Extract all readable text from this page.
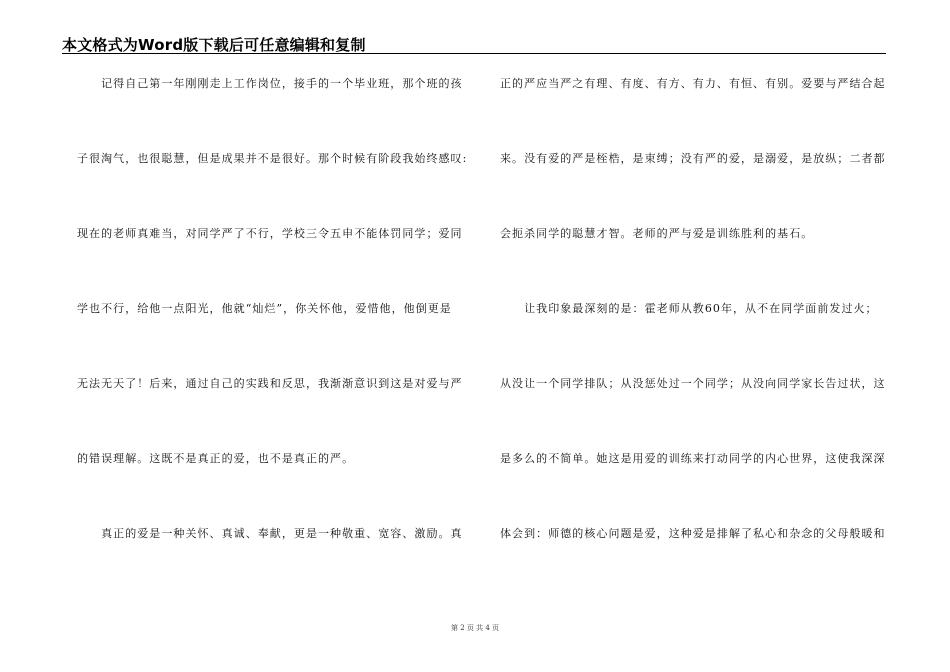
本文格式为Word版下载后可任意编辑和复制
　　记得自己第一年刚刚走上工作岗位，接手的一个毕业班，那个班的孩
子很淘气，也很聪慧，但是成果并不是很好。那个时候有阶段我始终感叹:
现在的老师真难当，对同学严了不行，学校三令五申不能体罚同学；爱同
学也不行，给他一点阳光，他就“灿烂”，你关怀他，爱惜他，他倒更是
无法无天了！后来，通过自己的实践和反思，我渐渐意识到这是对爱与严
的错误理解。这既不是真正的爱，也不是真正的严。
　　真正的爱是一种关怀、真诚、奉献，更是一种敬重、宽容、激励。真
正的严应当严之有理、有度、有方、有力、有恒、有别。爱要与严结合起
来。没有爱的严是桎梏，是束缚；没有严的爱，是溺爱，是放纵；二者都
会扼杀同学的聪慧才智。老师的严与爱是训练胜利的基石。
　　让我印象最深刻的是：霍老师从教60年，从不在同学面前发过火；
从没让一个同学排队；从没惩处过一个同学；从没向同学家长告过状，这
是多么的不简单。她这是用爱的训练来打动同学的内心世界，这使我深深
体会到：师德的核心问题是爱，这种爱是排解了私心和杂念的父母般暖和
第 2 页 共 4 页
